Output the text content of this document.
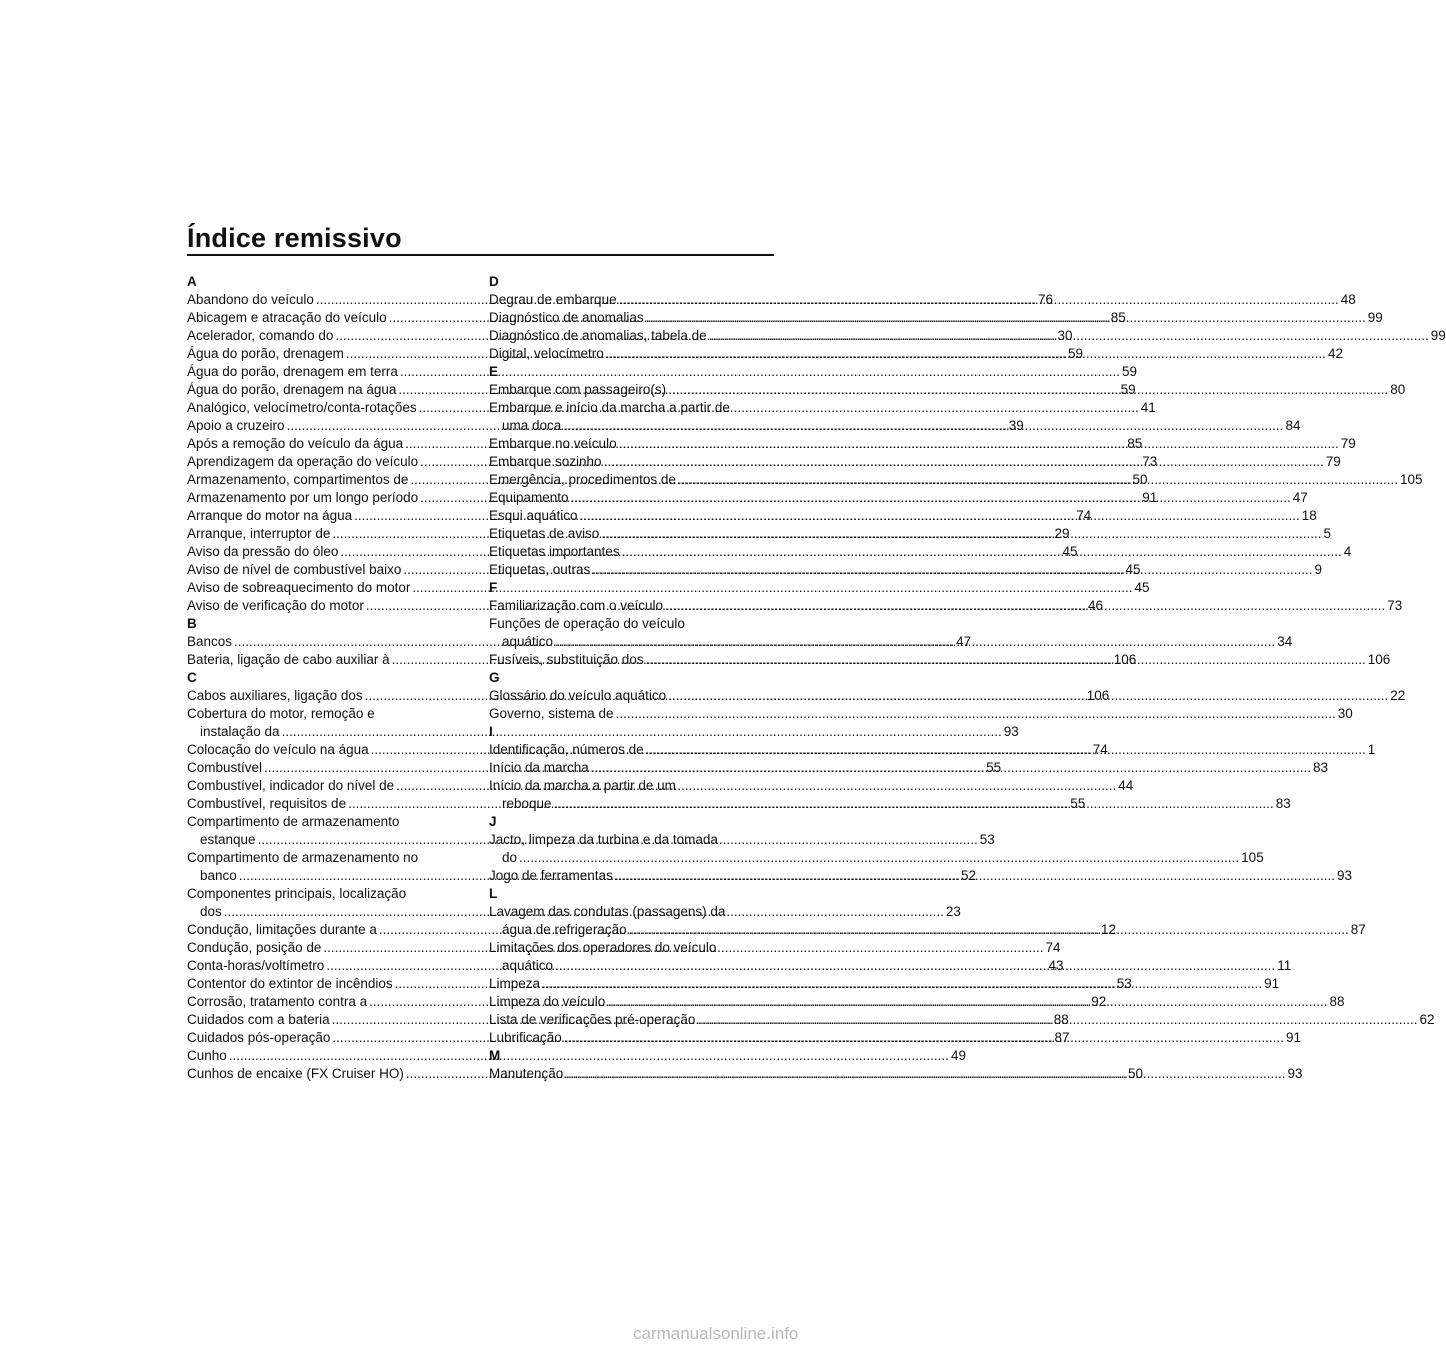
Índice remissivo
A
Abandono do veículo .....	76
Abicagem e atracação do veículo .....	85
Acelerador, comando do .....	30
Água do porão, drenagem .....	59
Água do porão, drenagem em terra .....	59
Água do porão, drenagem na água .....	59
Analógico, velocímetro/conta-rotações .....	41
Apoio a cruzeiro .....	39
Após a remoção do veículo da água .....	85
Aprendizagem da operação do veículo .....	73
Armazenamento, compartimentos de .....	50
Armazenamento por um longo período .....	91
Arranque do motor na água .....	74
Arranque, interruptor de .....	29
Aviso da pressão do óleo .....	45
Aviso de nível de combustível baixo .....	45
Aviso de sobreaquecimento do motor .....	45
Aviso de verificação do motor .....	46
B
Bancos .....	47
Bateria, ligação de cabo auxiliar à .....	106
C
Cabos auxiliares, ligação dos .....	106
Cobertura do motor, remoção e
instalação da .....	93
Colocação do veículo na água .....	74
Combustível .....	55
Combustível, indicador do nível de .....	44
Combustível, requisitos de .....	55
Compartimento de armazenamento
estanque .....	53
Compartimento de armazenamento no
banco .....	52
Componentes principais, localização
dos .....	23
Condução, limitações durante a .....	12
Condução, posição de .....	74
Conta-horas/voltímetro .....	43
Contentor do extintor de incêndios .....	53
Corrosão, tratamento contra a .....	92
Cuidados com a bateria .....	88
Cuidados pós-operação .....	87
Cunho .....	49
Cunhos de encaixe (FX Cruiser HO) .....	50
D
Degrau de embarque .....	48
Diagnóstico de anomalias .....	99
Diagnóstico de anomalias, tabela de .....	99
Digital, velocímetro .....	42
E
Embarque com passageiro(s) .....	80
Embarque e início da marcha a partir de
uma doca .....	84
Embarque no veículo .....	79
Embarque sozinho .....	79
Emergência, procedimentos de .....	105
Equipamento .....	47
Esqui aquático .....	18
Etiquetas de aviso .....	5
Etiquetas importantes .....	4
Etiquetas, outras .....	9
F
Familiarização com o veículo .....	73
Funções de operação do veículo
aquático .....	34
Fusíveis, substituição dos .....	106
G
Glossário do veículo aquático .....	22
Governo, sistema de .....	30
I
Identificação, números de .....	1
Início da marcha .....	83
Início da marcha a partir de um
reboque .....	83
J
Jacto, limpeza da turbina e da tomada
do .....	105
Jogo de ferramentas .....	93
L
Lavagem das condutas (passagens) da
água de refrigeração .....	87
Limitações dos operadores do veículo
aquático .....	11
Limpeza .....	91
Limpeza do veículo .....	88
Lista de verificações pré-operação .....	62
Lubrificação .....	91
M
Manutenção .....	93
carmanualsonline.info
